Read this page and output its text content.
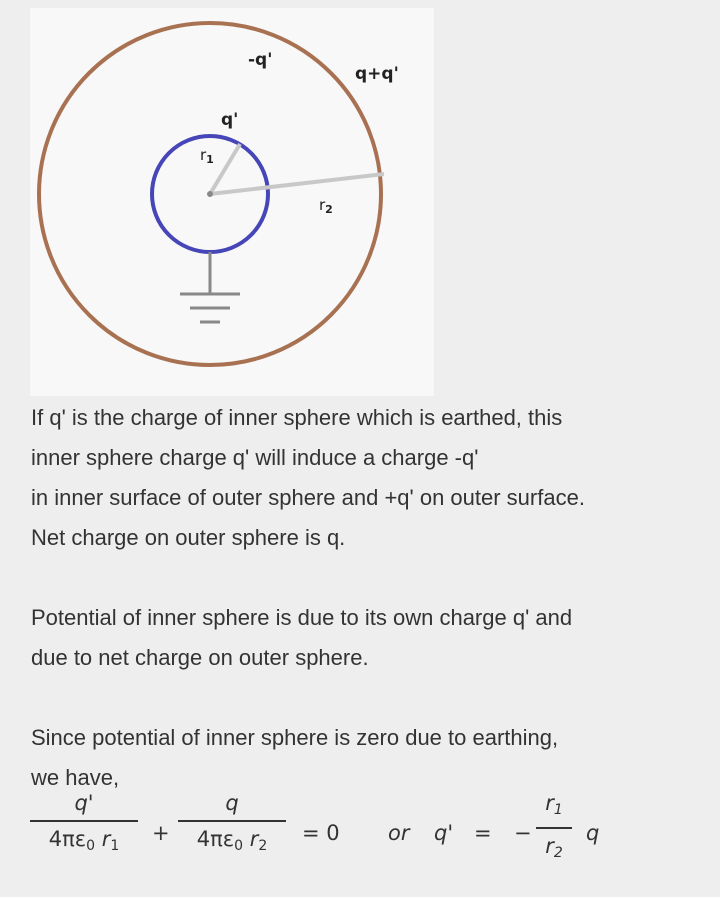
-q'
q+q'
q'
$r_1$
$r_2$
If q' is the charge of inner sphere which is earthed, this
inner sphere charge q' will induce a charge -q'
in inner surface of outer sphere and +q' on outer surface.
Net charge on outer sphere is q.
Potential of inner sphere is due to its own charge q' and
due to net charge on outer sphere.
Since potential of inner sphere is zero due to earthing,
we have,
q'
$4\pi\varepsilon_0$ $r_1$
+
q
$4\pi\varepsilon_0$ $r_2$
= 0 or q' = −
$r_1$
$r_2$
q
